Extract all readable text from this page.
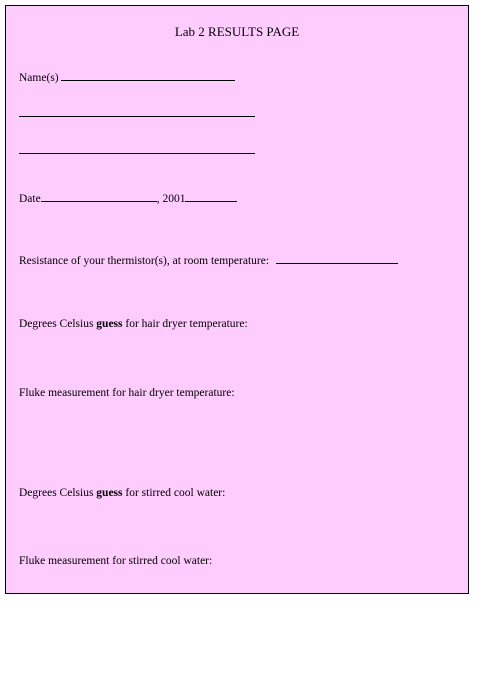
Lab 2 RESULTS PAGE
Name(s)
Date	, 2001
Resistance of your thermistor(s), at room temperature:
Degrees Celsius guess for hair dryer temperature:
Fluke measurement for hair dryer temperature:
Degrees Celsius guess for stirred cool water:
Fluke measurement for stirred cool water:
